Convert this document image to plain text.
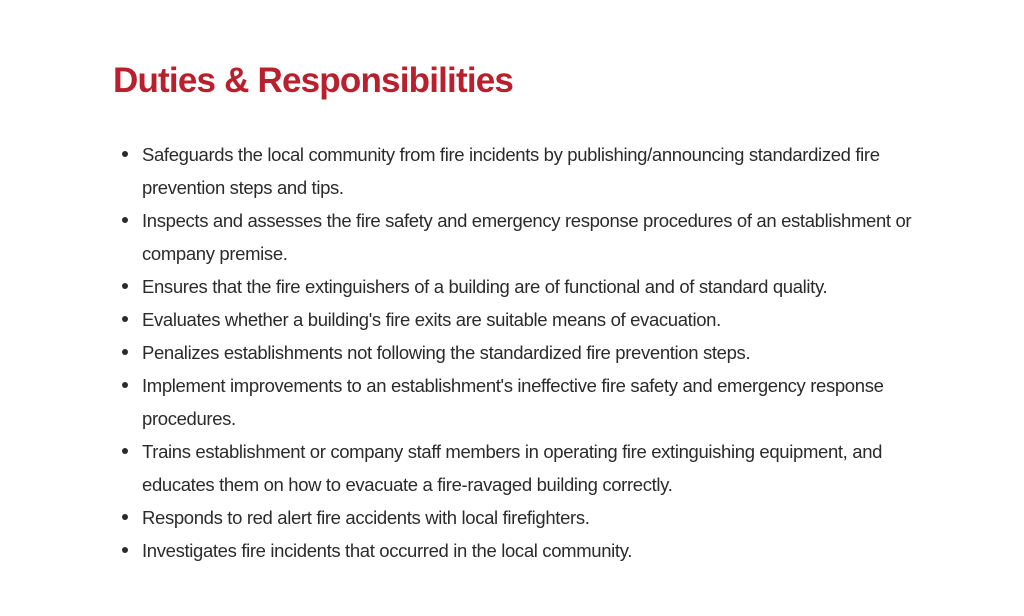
Duties & Responsibilities
Safeguards the local community from fire incidents by publishing/announcing standardized fire prevention steps and tips.
Inspects and assesses the fire safety and emergency response procedures of an establishment or company premise.
Ensures that the fire extinguishers of a building are of functional and of standard quality.
Evaluates whether a building's fire exits are suitable means of evacuation.
Penalizes establishments not following the standardized fire prevention steps.
Implement improvements to an establishment's ineffective fire safety and emergency response procedures.
Trains establishment or company staff members in operating fire extinguishing equipment, and educates them on how to evacuate a fire-ravaged building correctly.
Responds to red alert fire accidents with local firefighters.
Investigates fire incidents that occurred in the local community.
